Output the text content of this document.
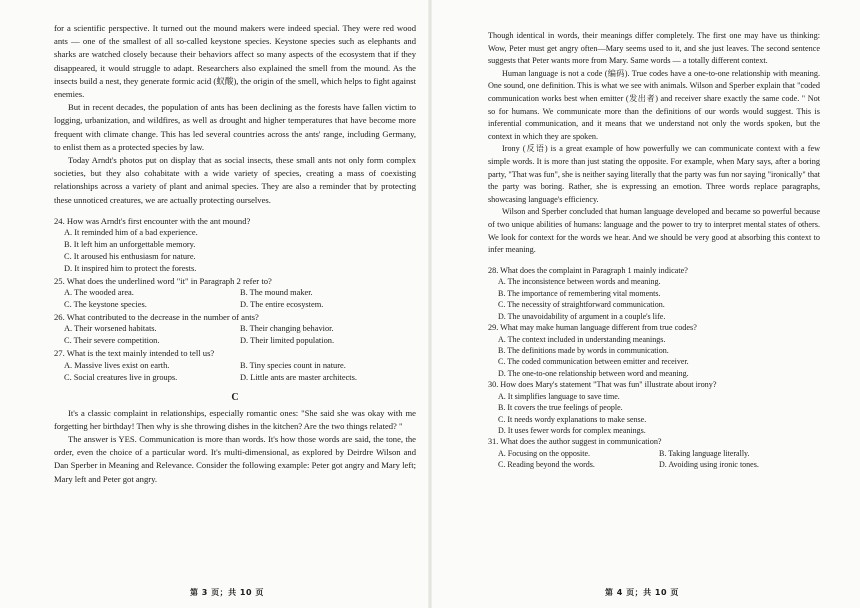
for a scientific perspective. It turned out the mound makers were indeed special. They were red wood ants — one of the smallest of all so-called keystone species. Keystone species such as elephants and sharks are watched closely because their behaviors affect so many aspects of the ecosystem that if they disappeared, it would struggle to adapt. Researchers also explained the smell from the mound. As the insects build a nest, they generate formic acid (蚁酸), the origin of the smell, which helps to fight against enemies.

But in recent decades, the population of ants has been declining as the forests have fallen victim to logging, urbanization, and wildfires, as well as drought and higher temperatures that have become more frequent with climate change. This has led several countries across the ants' range, including Germany, to enlist them as a protected species by law.

Today Arndt's photos put on display that as social insects, these small ants not only form complex societies, but they also cohabitate with a wide variety of species, creating a mass of coexisting relationships across a variety of plant and animal species. They are also a reminder that by protecting these unnoticed creatures, we are actually protecting ourselves.

24. How was Arndt's first encounter with the ant mound?
A. It reminded him of a bad experience.
B. It left him an unforgettable memory.
C. It aroused his enthusiasm for nature.
D. It inspired him to protect the forests.
25. What does the underlined word "it" in Paragraph 2 refer to?
A. The wooded area.	B. The mound maker.
C. The keystone species.	D. The entire ecosystem.
26. What contributed to the decrease in the number of ants?
A. Their worsened habitats.	B. Their changing behavior.
C. Their severe competition.	D. Their limited population.
27. What is the text mainly intended to tell us?
A. Massive lives exist on earth.	B. Tiny species count in nature.
C. Social creatures live in groups.	D. Little ants are master architects.
C

It's a classic complaint in relationships, especially romantic ones: "She said she was okay with me forgetting her birthday! Then why is she throwing dishes in the kitchen? Are the two things related? "

The answer is YES. Communication is more than words. It's how those words are said, the tone, the order, even the choice of a particular word. It's multi-dimensional, as explored by Deirdre Wilson and Dan Sperber in Meaning and Relevance. Consider the following example: Peter got angry and Mary left; Mary left and Peter got angry.

第 3 页；共 10 页

Though identical in words, their meanings differ completely. The first one may have us thinking: Wow, Peter must get angry often—Mary seems used to it, and she just leaves. The second sentence suggests that Peter wants more from Mary. Same words — a totally different context.

Human language is not a code (编码). True codes have a one-to-one relationship with meaning. One sound, one definition. This is what we see with animals. Wilson and Sperber explain that "coded communication works best when emitter (发出者) and receiver share exactly the same code. " Not so for humans. We communicate more than the definitions of our words would suggest. This is inferential communication, and it means that we understand not only the words spoken, but the context in which they are spoken.

Irony (反语) is a great example of how powerfully we can communicate context with a few simple words. It is more than just stating the opposite. For example, when Mary says, after a boring party, "That was fun", she is neither saying literally that the party was fun nor saying "ironically" that the party was boring. Rather, she is expressing an emotion. Three words replace paragraphs, showcasing language's efficiency.

Wilson and Sperber concluded that human language developed and became so powerful because of two unique abilities of humans: language and the power to try to interpret mental states of others. We look for context for the words we hear. And we should be very good at absorbing this context to infer meaning.

28. What does the complaint in Paragraph 1 mainly indicate?
A. The inconsistence between words and meaning.
B. The importance of remembering vital moments.
C. The necessity of straightforward communication.
D. The unavoidability of argument in a couple's life.
29. What may make human language different from true codes?
A. The context included in understanding meanings.
B. The definitions made by words in communication.
C. The coded communication between emitter and receiver.
D. The one-to-one relationship between word and meaning.
30. How does Mary's statement "That was fun" illustrate about irony?
A. It simplifies language to save time.
B. It covers the true feelings of people.
C. It needs wordy explanations to make sense.
D. It uses fewer words for complex meanings.
31. What does the author suggest in communication?
A. Focusing on the opposite.	B. Taking language literally.
C. Reading beyond the words.	D. Avoiding using ironic tones.
第 4 页；共 10 页
